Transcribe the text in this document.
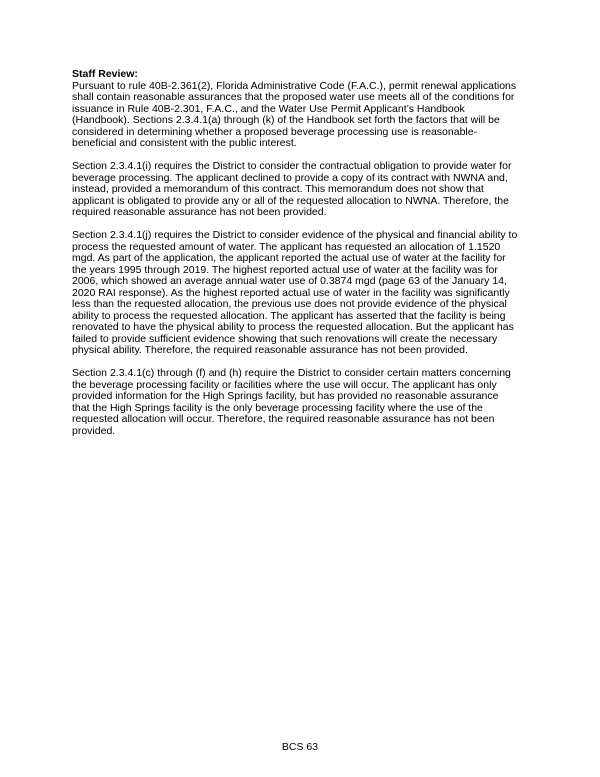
Staff Review:
Pursuant to rule 40B-2.361(2), Florida Administrative Code (F.A.C.), permit renewal applications
shall contain reasonable assurances that the proposed water use meets all of the conditions for
issuance in Rule 40B-2.301, F.A.C., and the Water Use Permit Applicant’s Handbook
(Handbook). Sections 2.3.4.1(a) through (k) of the Handbook set forth the factors that will be
considered in determining whether a proposed beverage processing use is reasonable-
beneficial and consistent with the public interest.
Section 2.3.4.1(i) requires the District to consider the contractual obligation to provide water for
beverage processing. The applicant declined to provide a copy of its contract with NWNA and,
instead, provided a memorandum of this contract. This memorandum does not show that
applicant is obligated to provide any or all of the requested allocation to NWNA. Therefore, the
required reasonable assurance has not been provided.
Section 2.3.4.1(j) requires the District to consider evidence of the physical and financial ability to
process the requested amount of water. The applicant has requested an allocation of 1.1520
mgd. As part of the application, the applicant reported the actual use of water at the facility for
the years 1995 through 2019. The highest reported actual use of water at the facility was for
2006, which showed an average annual water use of 0.3874 mgd (page 63 of the January 14,
2020 RAI response). As the highest reported actual use of water in the facility was significantly
less than the requested allocation, the previous use does not provide evidence of the physical
ability to process the requested allocation. The applicant has asserted that the facility is being
renovated to have the physical ability to process the requested allocation. But the applicant has
failed to provide sufficient evidence showing that such renovations will create the necessary
physical ability. Therefore, the required reasonable assurance has not been provided.
Section 2.3.4.1(c) through (f) and (h) require the District to consider certain matters concerning
the beverage processing facility or facilities where the use will occur. The applicant has only
provided information for the High Springs facility, but has provided no reasonable assurance
that the High Springs facility is the only beverage processing facility where the use of the
requested allocation will occur. Therefore, the required reasonable assurance has not been
provided.
BCS 63
